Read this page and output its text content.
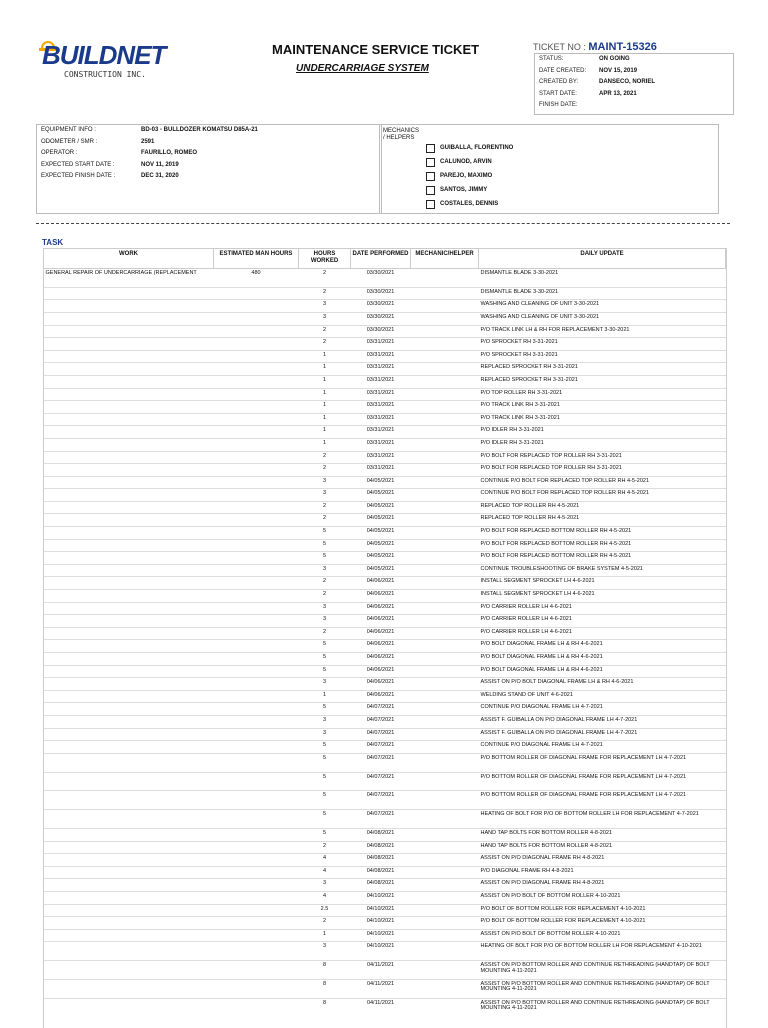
BUILDNET
CONSTRUCTION INC.
MAINTENANCE SERVICE TICKET
UNDERCARRIAGE SYSTEM
TICKET NO : MAINT-15326
STATUS:	ON GOING
DATE CREATED: NOV 15, 2019
CREATED BY:	DANSECO, NORIEL
START DATE:	APR 13, 2021
FINISH DATE:
EQUIPMENT INFO :	BD-03 - BULLDOZER KOMATSU D85A-21
ODOMETER / SMR :	2591
OPERATOR :	FAURILLO, ROMEO
EXPECTED START DATE :	NOV 11, 2019
EXPECTED FINISH DATE :	DEC 31, 2020
MECHANICS
/ HELPERS
GUIBALLA, FLORENTINO
CALUNOD, ARVIN
PAREJO, MAXIMO
SANTOS, JIMMY
COSTALES, DENNIS
TASK
WORK	ESTIMATED MAN HOURS	HOURS WORKED	DATE PERFORMED	MECHANIC/HELPER	DAILY UPDATE
GENERAL REPAIR OF UNDERCARRIAGE (REPLACEMENT	480	2	03/30/2021		DISMANTLE BLADE 3-30-2021
		2	03/30/2021		DISMANTLE BLADE 3-30-2021
		3	03/30/2021		WASHING AND CLEANING OF UNIT 3-30-2021
		3	03/30/2021		WASHING AND CLEANING OF UNIT 3-30-2021
		2	03/30/2021		P/O TRACK LINK LH & RH FOR REPLACEMENT 3-30-2021
		2	03/31/2021		P/O SPROCKET RH 3-31-2021
		1	03/31/2021		P/O SPROCKET RH 3-31-2021
		1	03/31/2021		REPLACED SPROCKET RH 3-31-2021
		1	03/31/2021		REPLACED SPROCKET RH 3-31-2021
		1	03/31/2021		P/O TOP ROLLER RH 3-31-2021
		1	03/31/2021		P/O TRACK LINK RH 3-31-2021
		1	03/31/2021		P/O TRACK LINK RH 3-31-2021
		1	03/31/2021		P/O IDLER RH 3-31-2021
		1	03/31/2021		P/O IDLER RH 3-31-2021
		2	03/31/2021		P/O BOLT FOR REPLACED TOP ROLLER RH 3-31-2021
		2	03/31/2021		P/O BOLT FOR REPLACED TOP ROLLER RH 3-31-2021
		3	04/05/2021		CONTINUE P/O BOLT FOR REPLACED TOP ROLLER RH 4-5-2021
		3	04/05/2021		CONTINUE P/O BOLT FOR REPLACED TOP ROLLER RH 4-5-2021
		2	04/05/2021		REPLACED TOP ROLLER RH 4-5-2021
		2	04/05/2021		REPLACED TOP ROLLER RH 4-5-2021
		5	04/05/2021		P/O BOLT FOR REPLACED BOTTOM ROLLER RH 4-5-2021
		5	04/05/2021		P/O BOLT FOR REPLACED BOTTOM ROLLER RH 4-5-2021
		5	04/05/2021		P/O BOLT FOR REPLACED BOTTOM ROLLER RH 4-5-2021
		3	04/05/2021		CONTINUE TROUBLESHOOTING OF BRAKE SYSTEM 4-5-2021
		2	04/06/2021		INSTALL SEGMENT SPROCKET LH 4-6-2021
		2	04/06/2021		INSTALL SEGMENT SPROCKET LH 4-6-2021
		3	04/06/2021		P/O CARRIER ROLLER LH 4-6-2021
		3	04/06/2021		P/O CARRIER ROLLER LH 4-6-2021
		2	04/06/2021		P/O CARRIER ROLLER LH 4-6-2021
		5	04/06/2021		P/O BOLT DIAGONAL FRAME LH & RH 4-6-2021
		5	04/06/2021		P/O BOLT DIAGONAL FRAME LH & RH 4-6-2021
		5	04/06/2021		P/O BOLT DIAGONAL FRAME LH & RH 4-6-2021
		3	04/06/2021		ASSIST ON P/O BOLT DIAGONAL FRAME LH & RH 4-6-2021
		1	04/06/2021		WELDING STAND OF UNIT 4-6-2021
		5	04/07/2021		CONTINUE P/O DIAGONAL FRAME LH 4-7-2021
		3	04/07/2021		ASSIST F. GUIBALLA ON P/O DIAGONAL FRAME LH 4-7-2021
		3	04/07/2021		ASSIST F. GUIBALLA ON P/O DIAGONAL FRAME LH 4-7-2021
		5	04/07/2021		CONTINUE P/O DIAGONAL FRAME LH 4-7-2021
		5	04/07/2021		P/O BOTTOM ROLLER OF DIAGONAL FRAME FOR REPLACEMENT LH 4-7-2021
		5	04/07/2021		P/O BOTTOM ROLLER OF DIAGONAL FRAME FOR REPLACEMENT LH 4-7-2021
		5	04/07/2021		P/O BOTTOM ROLLER OF DIAGONAL FRAME FOR REPLACEMENT LH 4-7-2021
		5	04/07/2021		HEATING OF BOLT FOR P/O OF BOTTOM ROLLER LH FOR REPLACEMENT 4-7-2021
		5	04/08/2021		HAND TAP BOLTS FOR BOTTOM ROLLER 4-8-2021
		2	04/08/2021		HAND TAP BOLTS FOR BOTTOM ROLLER 4-8-2021
		4	04/08/2021		ASSIST ON P/O DIAGONAL FRAME RH 4-8-2021
		4	04/08/2021		P/O DIAGONAL FRAME RH 4-8-2021
		3	04/08/2021		ASSIST ON P/O DIAGONAL FRAME RH 4-8-2021
		4	04/10/2021		ASSIST ON P/O BOLT OF BOTTOM ROLLER 4-10-2021
		2.5	04/10/2021		P/O BOLT OF BOTTOM ROLLER FOR REPLACEMENT 4-10-2021
		2	04/10/2021		P/O BOLT OF BOTTOM ROLLER FOR REPLACEMENT 4-10-2021
		1	04/10/2021		ASSIST ON P/O BOLT OF BOTTOM ROLLER 4-10-2021
		3	04/10/2021		HEATING OF BOLT FOR P/O OF BOTTOM ROLLER LH FOR REPLACEMENT 4-10-2021
		8	04/11/2021		ASSIST ON P/O BOTTOM ROLLER AND CONTINUE RETHREADING (HANDTAP) OF BOLT MOUNTING 4-11-2021
		8	04/11/2021		ASSIST ON P/O BOTTOM ROLLER AND CONTINUE RETHREADING (HANDTAP) OF BOLT MOUNTING 4-11-2021
		8	04/11/2021		ASSIST ON P/O BOTTOM ROLLER AND CONTINUE RETHREADING (HANDTAP) OF BOLT MOUNTING 4-11-2021
